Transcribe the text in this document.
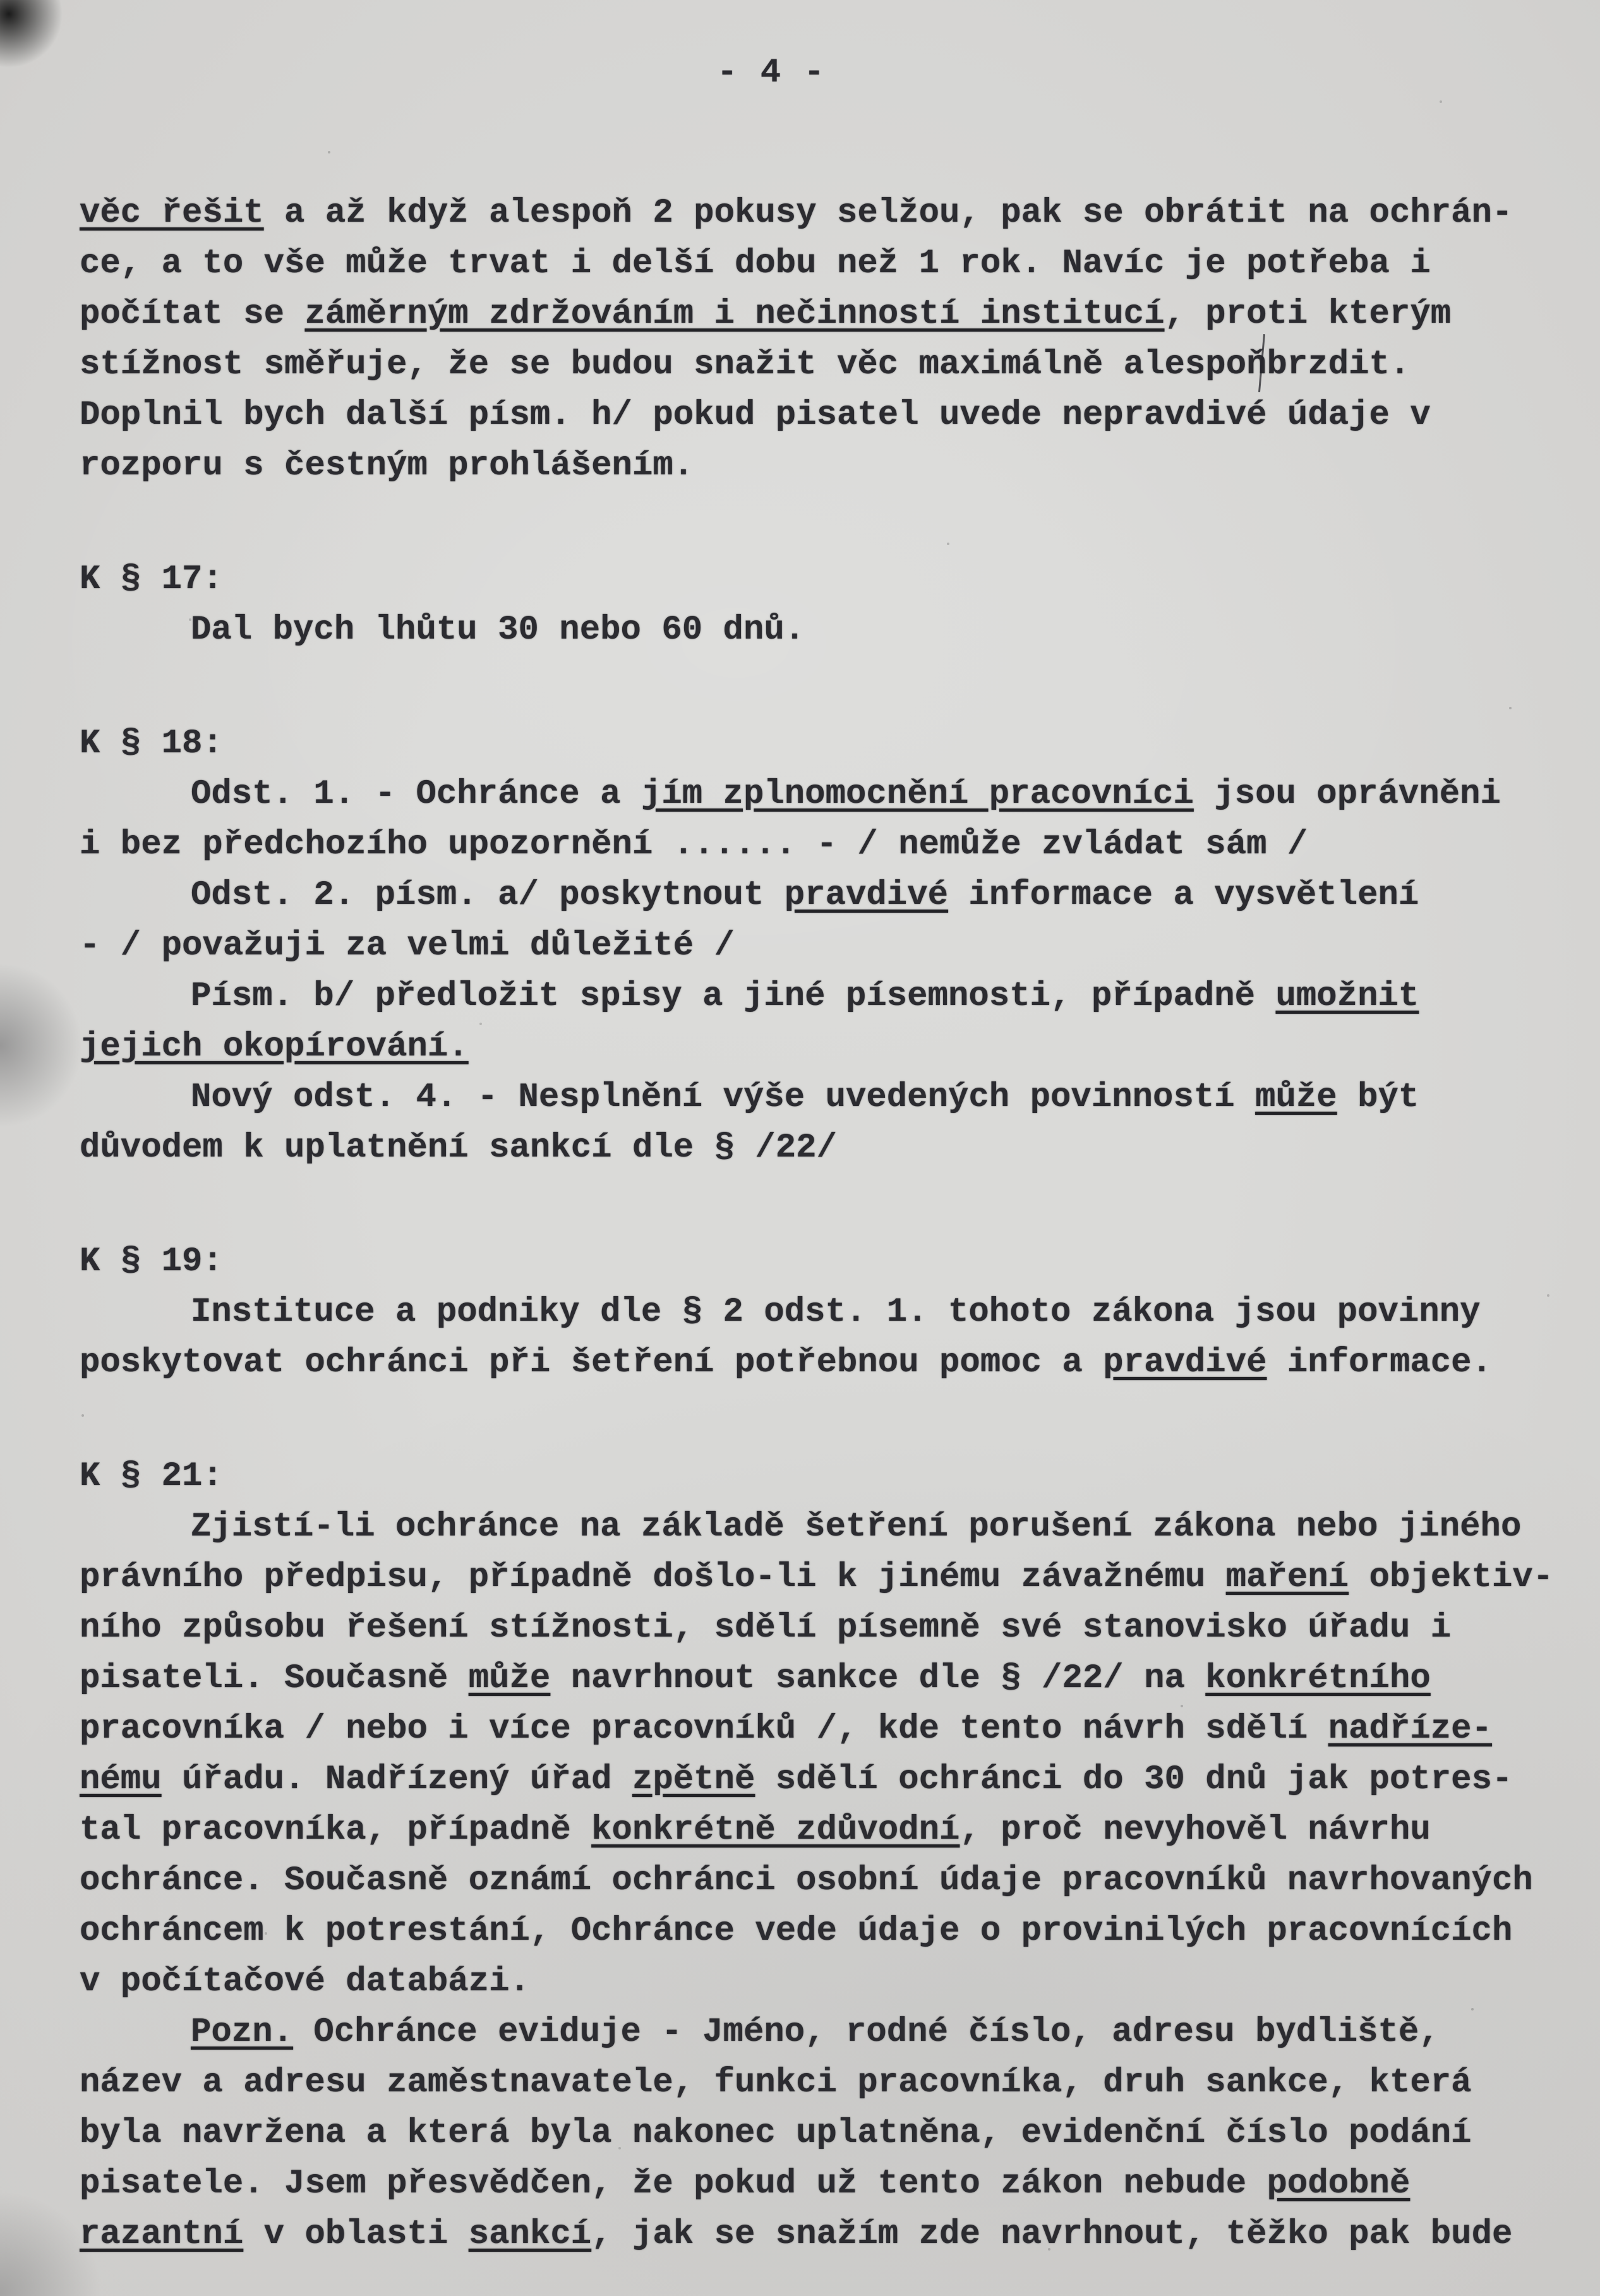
- 4 -
věc řešit a až když alespoň 2 pokusy selžou, pak se obrátit na ochrán-
ce, a to vše může trvat i delší dobu než 1 rok. Navíc je potřeba i
počítat se záměrným zdržováním i nečinností institucí, proti kterým
stížnost směřuje, že se budou snažit věc maximálně alespoňbrzdit.
Doplnil bych další písm. h/ pokud pisatel uvede nepravdivé údaje v
rozporu s čestným prohlášením.
K § 17:
Dal bych lhůtu 30 nebo 60 dnů.
K § 18:
Odst. 1. - Ochránce a jím zplnomocnění pracovníci jsou oprávněni
i bez předchozího upozornění ...... - / nemůže zvládat sám /
Odst. 2. písm. a/ poskytnout pravdivé informace a vysvětlení
- / považuji za velmi důležité /
Písm. b/ předložit spisy a jiné písemnosti, případně umožnit
jejich okopírování.
Nový odst. 4. - Nesplnění výše uvedených povinností může být
důvodem k uplatnění sankcí dle § /22/
K § 19:
Instituce a podniky dle § 2 odst. 1. tohoto zákona jsou povinny
poskytovat ochránci při šetření potřebnou pomoc a pravdivé informace.
K § 21:
Zjistí-li ochránce na základě šetření porušení zákona nebo jiného
právního předpisu, případně došlo-li k jinému závažnému maření objektiv-
ního způsobu řešení stížnosti, sdělí písemně své stanovisko úřadu i
pisateli. Současně může navrhnout sankce dle § /22/ na konkrétního
pracovníka / nebo i více pracovníků /, kde tento návrh sdělí nadříze-
nému úřadu. Nadřízený úřad zpětně sdělí ochránci do 30 dnů jak potres-
tal pracovníka, případně konkrétně zdůvodní, proč nevyhověl návrhu
ochránce. Současně oznámí ochránci osobní údaje pracovníků navrhovaných
ochráncem k potrestání, Ochránce vede údaje o provinilých pracovnících
v počítačové databázi.
Pozn. Ochránce eviduje - Jméno, rodné číslo, adresu bydliště,
název a adresu zaměstnavatele, funkci pracovníka, druh sankce, která
byla navržena a která byla nakonec uplatněna, evidenční číslo podání
pisatele. Jsem přesvědčen, že pokud už tento zákon nebude podobně
razantní v oblasti sankcí, jak se snažím zde navrhnout, těžko pak bude
